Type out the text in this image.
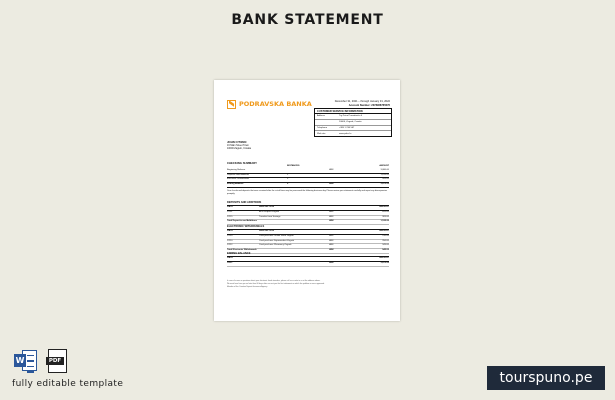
BANK STATEMENT
PODRAVSKA BANKA	December 31, 2021 – through January 31, 2022
Account Number: 2378968765676
CUSTOMER SERVICE INFORMATION
Address	Trg Petra Preradovića 4
10000, Zagreb, Croatia
Telephone	+385 1 234 567
Web site	www.pobc.hr
JOHN CITIZEN
16 Main Street Town
10000 Zagreb, Croatia
CHECKING SUMMARY
INSTANCES	AMOUNT
Beginning Balance	HRK	3,080.00
Deposits and additions	2	1,185.00
Electronic Withdrawals	3	945.00
Ending Balance	5	HRK	3,870.00
Your checks and deposits that were received after the cut-off time may be processed the following business day. Please review your statement carefully and report any discrepancies promptly.
DEPOSITS AND ADDITIONS
DATE	DESCRIPTION	AMOUNT
12/01	ATM Deposit Zagreb	HRK	820.00
12/15	Transfer from Savings	HRK	365.00
Total Deposits and Additions	HRK	1,185.00
ELECTRONIC WITHDRAWALS
DATE	DESCRIPTION	AMOUNT
12/03	Card purchase Online Store Zagreb	HRK	250.00
12/10	Card purchase Supermarket Zagreb	HRK	350.00
12/22	Card purchase Pharmacy Zagreb	HRK	345.00
Total Electronic Withdrawals	HRK	945.00
ENDING BALANCE
DATE	AMOUNT
12/31	HRK	3,870.00
In case of errors or questions about your electronic funds transfers, please call us or write to us at the address above.
We must hear from you no later than 60 days after we sent you the first statement on which the problem or error appeared.
Member of the Croatian Deposit Insurance Agency.
W	PDF
fully editable template	tourspuno.pe
